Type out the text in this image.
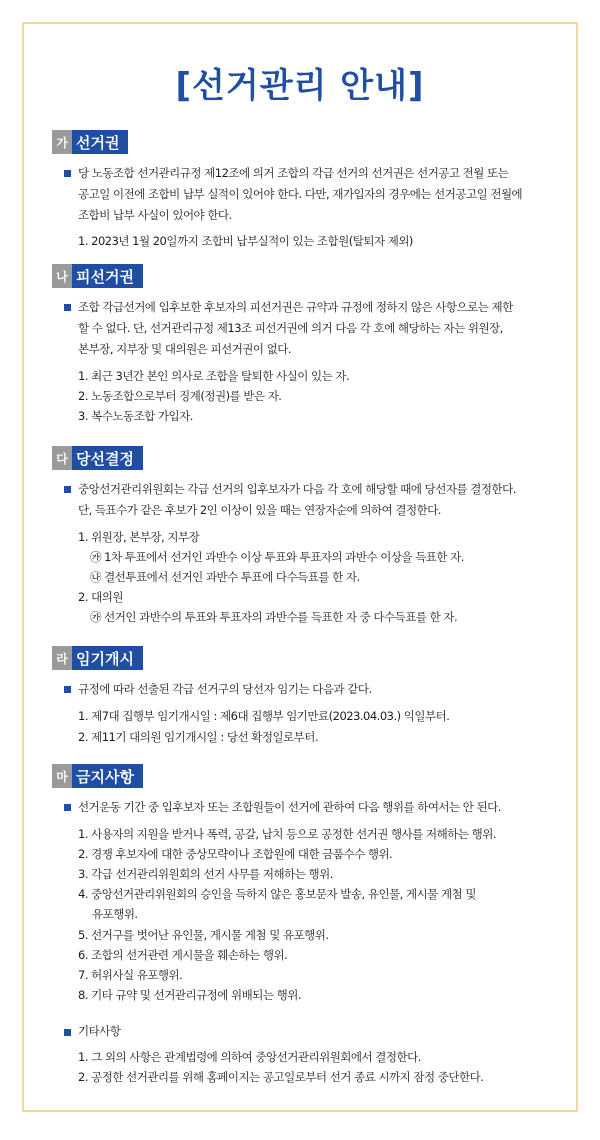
[선거관리 안내]
가 선거권
당 노동조합 선거관리규정 제12조에 의거 조합의 각급 선거의 선거권은 선거공고 전월 또는
공고일 이전에 조합비 납부 실적이 있어야 한다. 다만, 재가입자의 경우에는 선거공고일 전월에
조합비 납부 사실이 있어야 한다.
1. 2023년 1월 20일까지 조합비 납부실적이 있는 조합원(탈퇴자 제외)
나 피선거권
조합 각급선거에 입후보한 후보자의 피선거권은 규약과 규정에 정하지 않은 사항으로는 제한
할 수 없다. 단, 선거관리규정 제13조 피선거권에 의거 다음 각 호에 해당하는 자는 위원장,
본부장, 지부장 및 대의원은 피선거권이 없다.
1. 최근 3년간 본인 의사로 조합을 탈퇴한 사실이 있는 자.
2. 노동조합으로부터 징계(정권)를 받은 자.
3. 복수노동조합 가입자.
다 당선결정
중앙선거관리위원회는 각급 선거의 입후보자가 다음 각 호에 해당할 때에 당선자를 결정한다.
단, 득표수가 같은 후보가 2인 이상이 있을 때는 연장자순에 의하여 결정한다.
1. 위원장, 본부장, 지부장
㉮ 1차 투표에서 선거인 과반수 이상 투표와 투표자의 과반수 이상을 득표한 자.
㉯ 결선투표에서 선거인 과반수 투표에 다수득표를 한 자.
2. 대의원
㉮ 선거인 과반수의 투표와 투표자의 과반수를 득표한 자 중 다수득표를 한 자.
라 임기개시
규정에 따라 선출된 각급 선거구의 당선자 임기는 다음과 같다.
1. 제7대 집행부 임기개시일 : 제6대 집행부 임기만료(2023.04.03.) 익일부터.
2. 제11기 대의원 임기개시일 : 당선 확정일로부터.
마 금지사항
선거운동 기간 중 입후보자 또는 조합원들이 선거에 관하여 다음 행위를 하여서는 안 된다.
1. 사용자의 지원을 받거나 폭력, 공갈, 납치 등으로 공정한 선거권 행사를 저해하는 행위.
2. 경쟁 후보자에 대한 중상모략이나 조합원에 대한 금품수수 행위.
3. 각급 선거관리위원회의 선거 사무를 저해하는 행위.
4. 중앙선거관리위원회의 승인을 득하지 않은 홍보문자 발송, 유인물, 게시물 게첨 및
유포행위.
5. 선거구를 벗어난 유인물, 게시물 게첨 및 유포행위.
6. 조합의 선거관련 게시물을 훼손하는 행위.
7. 허위사실 유포행위.
8. 기타 규약 및 선거관리규정에 위배되는 행위.
기타사항
1. 그 외의 사항은 관계법령에 의하여 중앙선거관리위원회에서 결정한다.
2. 공정한 선거관리를 위해 홈페이지는 공고일로부터 선거 종료 시까지 잠정 중단한다.
